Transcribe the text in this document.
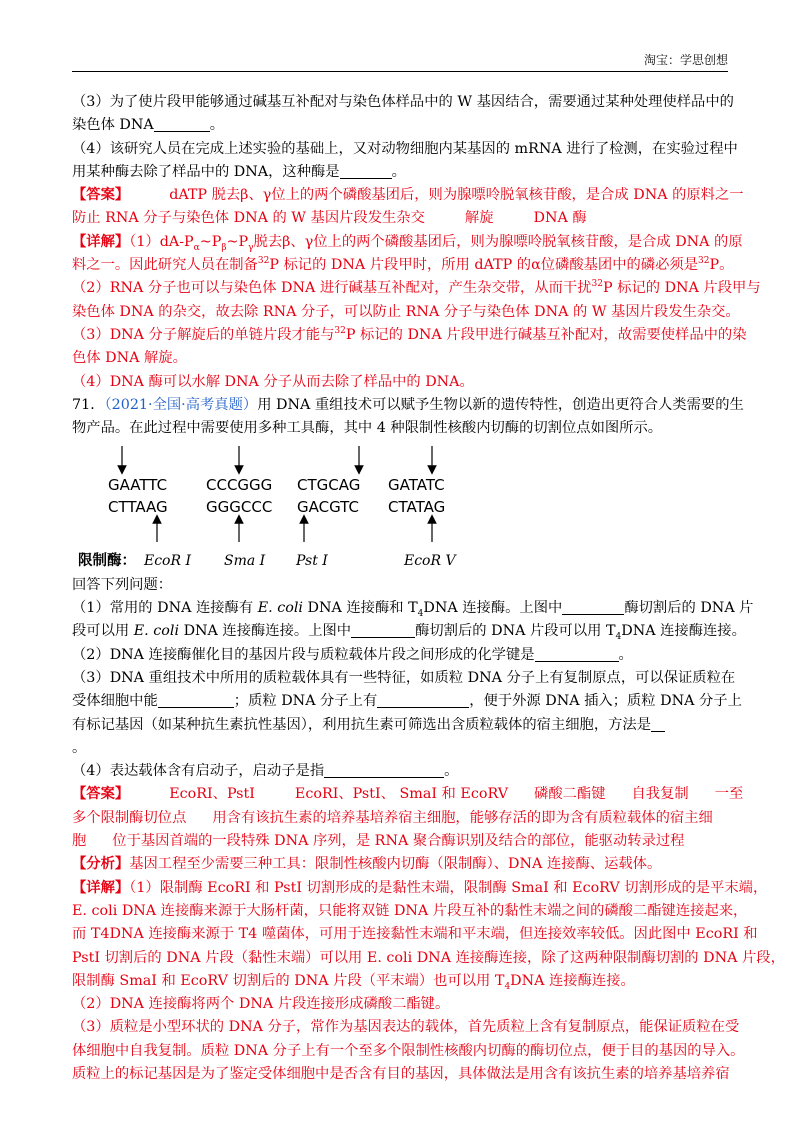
淘宝：学思创想
（3）为了使片段甲能够通过碱基互补配对与染色体样品中的 W 基因结合，需要通过某种处理使样品中的
染色体 DNA	。
（4）该研究人员在完成上述实验的基础上，又对动物细胞内某基因的 mRNA 进行了检测，在实验过程中
用某种酶去除了样品中的 DNA，这种酶是	。
【答案】	dATP 脱去β、γ位上的两个磷酸基团后，则为腺嘌呤脱氧核苷酸，是合成 DNA 的原料之一
防止 RNA 分子与染色体 DNA 的 W 基因片段发生杂交	解旋	DNA 酶
【详解】$(1)dA-P_\alpha\sim P_\beta\sim P_\gamma$脱去β、γ位上的两个磷酸基团后，则为腺嘌呤脱氧核苷酸，是合成 DNA 的原
料之一。因此研究人员在制备$^{32}$P 标记的 DNA 片段甲时，所用 dATP 的α位磷酸基团中的磷必须是$^{32}$P。
（2）RNA 分子也可以与染色体 DNA 进行碱基互补配对，产生杂交带，从而干扰$^{32}$P 标记的 DNA 片段甲与
染色体 DNA 的杂交，故去除 RNA 分子，可以防止 RNA 分子与染色体 DNA 的 W 基因片段发生杂交。
（3）DNA 分子解旋后的单链片段才能与$^{32}$P 标记的 DNA 片段甲进行碱基互补配对，故需要使样品中的染
色体 DNA 解旋。
（4）DNA 酶可以水解 DNA 分子从而去除了样品中的 DNA。
71．（2021·全国·高考真题）用 DNA 重组技术可以赋予生物以新的遗传特性，创造出更符合人类需要的生
物产品。在此过程中需要使用多种工具酶，其中 4 种限制性核酸内切酶的切割位点如图所示。
GAATTC
CTTAAG
CCCGGG
GGGCCC
CTGCAG
GACGTC
GATATC
CTATAG
限制酶： EcoR I Sma I Pst I	EcoR V
回答下列问题：
（1）常用的 DNA 连接酶有 E. coli DNA 连接酶和 $T_4DNA$ 连接酶。上图中	酶切割后的 DNA 片
段可以用 E. coli DNA 连接酶连接。上图中	酶切割后的 DNA 片段可以用 $T_4DNA$ 连接酶连接。
（2）DNA 连接酶催化目的基因片段与质粒载体片段之间形成的化学键是	。
（3）DNA 重组技术中所用的质粒载体具有一些特征，如质粒 DNA 分子上有复制原点，可以保证质粒在
受体细胞中能	；质粒 DNA 分子上有	，便于外源 DNA 插入；质粒 DNA 分子上
有标记基因（如某种抗生素抗性基因），利用抗生素可筛选出含质粒载体的宿主细胞，方法是
。
（4）表达载体含有启动子，启动子是指	。
【答案】	EcoRI、PstI	EcoRI、PstI、 SmaI 和 EcoRV 磷酸二酯键 自我复制 一至
多个限制酶切位点 用含有该抗生素的培养基培养宿主细胞，能够存活的即为含有质粒载体的宿主细
胞 位于基因首端的一段特殊 DNA 序列，是 RNA 聚合酶识别及结合的部位，能驱动转录过程
【分析】基因工程至少需要三种工具：限制性核酸内切酶（限制酶）、DNA 连接酶、运载体。
【详解】（1）限制酶 EcoRI 和 PstI 切割形成的是黏性末端，限制酶 SmaI 和 EcoRV 切割形成的是平末端，
E. coli DNA 连接酶来源于大肠杆菌，只能将双链 DNA 片段互补的黏性末端之间的磷酸二酯键连接起来，
而 T4DNA 连接酶来源于 T4 噬菌体，可用于连接黏性末端和平末端，但连接效率较低。因此图中 EcoRI 和
PstI 切割后的 DNA 片段（黏性末端）可以用 E. coli DNA 连接酶连接，除了这两种限制酶切割的 DNA 片段，
限制酶 SmaI 和 EcoRV 切割后的 DNA 片段（平末端）也可以用 $T_4DNA$ 连接酶连接。
（2）DNA 连接酶将两个 DNA 片段连接形成磷酸二酯键。
（3）质粒是小型环状的 DNA 分子，常作为基因表达的载体，首先质粒上含有复制原点，能保证质粒在受
体细胞中自我复制。质粒 DNA 分子上有一个至多个限制性核酸内切酶的酶切位点，便于目的基因的导入。
质粒上的标记基因是为了鉴定受体细胞中是否含有目的基因，具体做法是用含有该抗生素的培养基培养宿
